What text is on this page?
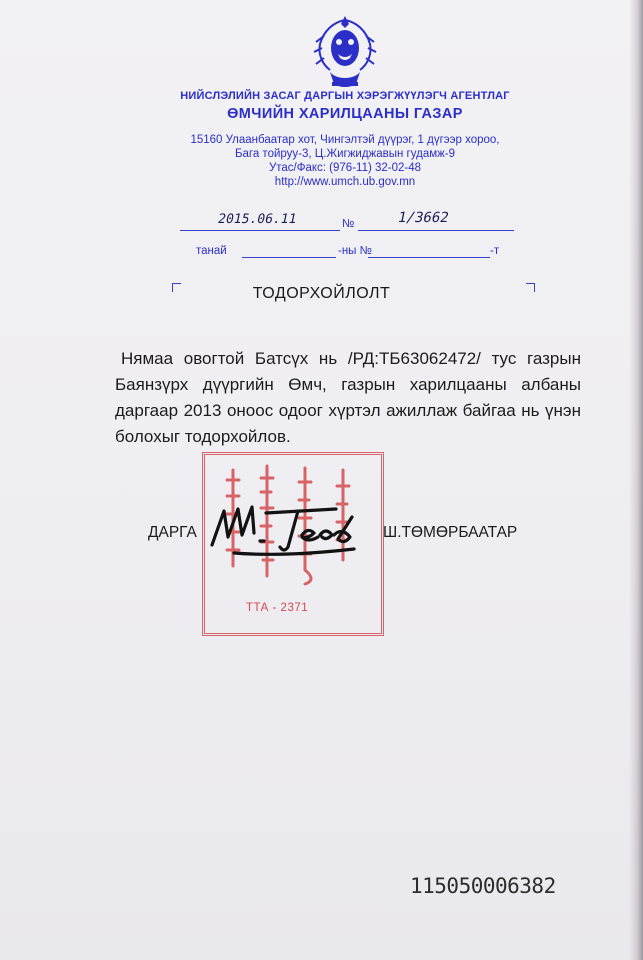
НИЙСЛЭЛИЙН ЗАСАГ ДАРГЫН ХЭРЭГЖҮҮЛЭГЧ АГЕНТЛАГ
ӨМЧИЙН ХАРИЛЦААНЫ ГАЗАР
15160 Улаанбаатар хот, Чингэлтэй дүүрэг, 1 дүгээр хороо,
Бага тойруу-3, Ц.Жигжиджавын гудамж-9
Утас/Факс: (976-11) 32-02-48
http://www.umch.ub.gov.mn
2015.06.11	№	1/3662
танай	-ны №	-т
ТОДОРХОЙЛОЛТ
Нямаа овогтой Батсүх нь /РД:ТБ63062472/ тус газрын Баянзүрх дүүргийн Өмч, газрын харилцааны албаны даргаар 2013 оноос одоог хүртэл ажиллаж байгаа нь үнэн болохыг тодорхойлов.
ТТА - 2371
ДАРГА	Ш.ТӨМӨРБААТАР
115050006382
